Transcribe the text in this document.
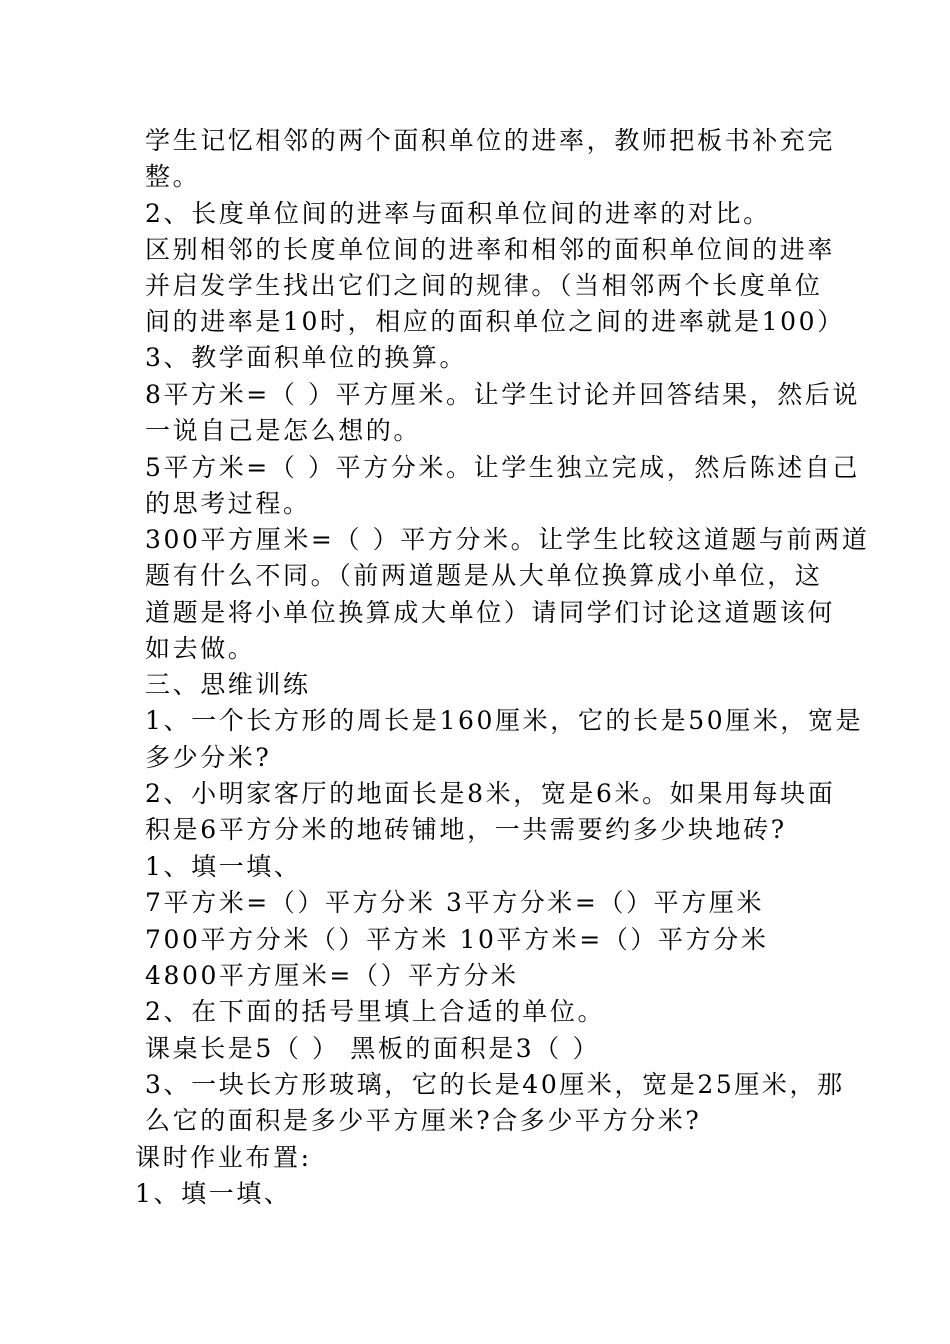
学生记忆相邻的两个面积单位的进率，教师把板书补充完
整。
2、长度单位间的进率与面积单位间的进率的对比。
区别相邻的长度单位间的进率和相邻的面积单位间的进率
并启发学生找出它们之间的规律。（当相邻两个长度单位
间的进率是10时，相应的面积单位之间的进率就是100）
3、教学面积单位的换算。
8平方米=（ ）平方厘米。让学生讨论并回答结果，然后说
一说自己是怎么想的。
5平方米=（ ）平方分米。让学生独立完成，然后陈述自己
的思考过程。
300平方厘米=（ ）平方分米。让学生比较这道题与前两道
题有什么不同。（前两道题是从大单位换算成小单位，这
道题是将小单位换算成大单位）请同学们讨论这道题该何
如去做。
三、思维训练
1、一个长方形的周长是160厘米，它的长是50厘米，宽是
多少分米?
2、小明家客厅的地面长是8米，宽是6米。如果用每块面
积是6平方分米的地砖铺地，一共需要约多少块地砖?
1、填一填、
7平方米=（）平方分米 3平方分米=（）平方厘米
700平方分米（）平方米 10平方米=（）平方分米
4800平方厘米=（）平方分米
2、在下面的括号里填上合适的单位。
课桌长是5（ ） 黑板的面积是3（ ）
3、一块长方形玻璃，它的长是40厘米，宽是25厘米，那
么它的面积是多少平方厘米?合多少平方分米?
课时作业布置:
1、填一填、
